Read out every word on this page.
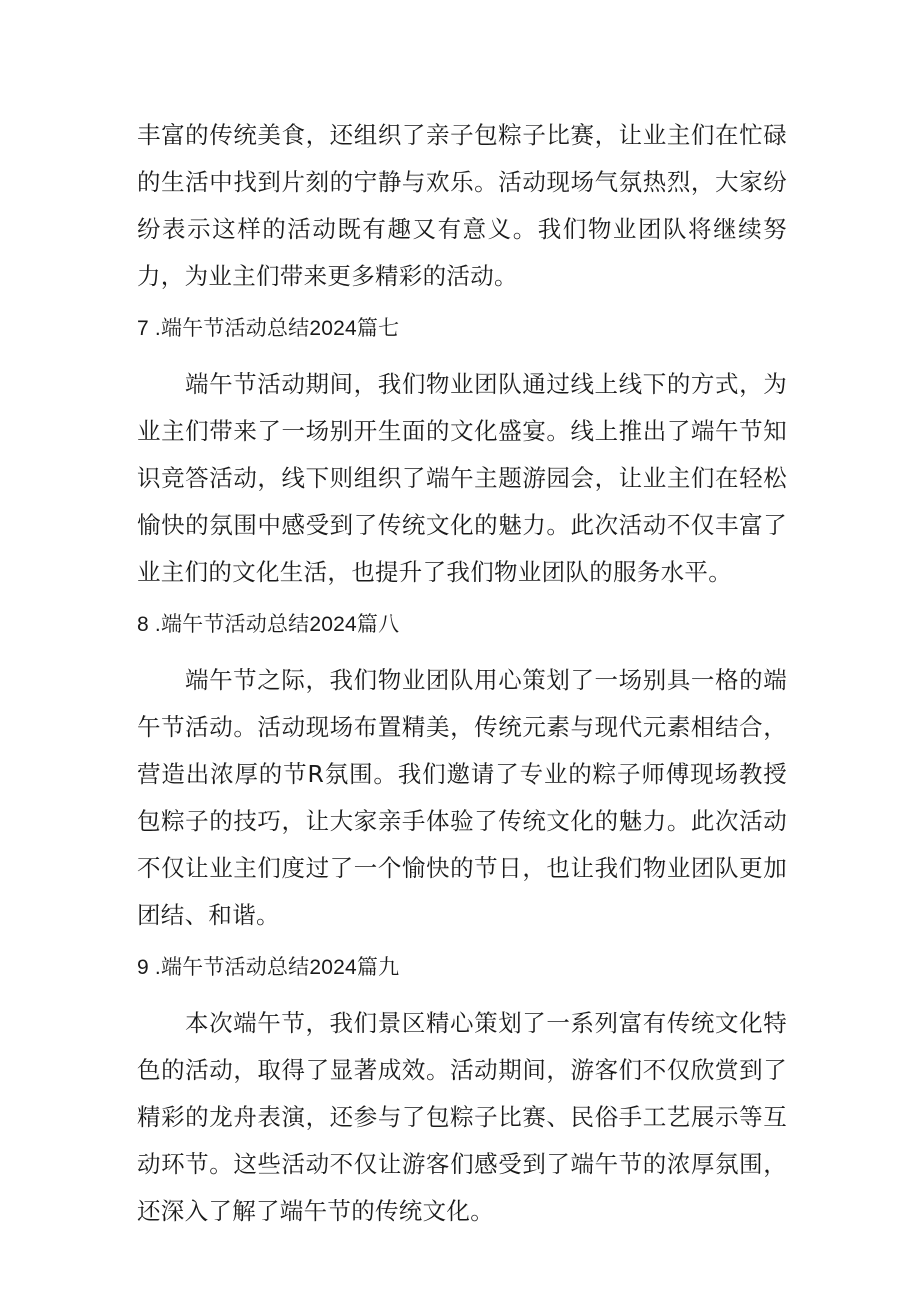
丰富的传统美食，还组织了亲子包粽子比赛，让业主们在忙碌的生活中找到片刻的宁静与欢乐。活动现场气氛热烈，大家纷纷表示这样的活动既有趣又有意义。我们物业团队将继续努力，为业主们带来更多精彩的活动。

7 .端午节活动总结2024篇七

端午节活动期间，我们物业团队通过线上线下的方式，为业主们带来了一场别开生面的文化盛宴。线上推出了端午节知识竞答活动，线下则组织了端午主题游园会，让业主们在轻松愉快的氛围中感受到了传统文化的魅力。此次活动不仅丰富了业主们的文化生活，也提升了我们物业团队的服务水平。

8 .端午节活动总结2024篇八

端午节之际，我们物业团队用心策划了一场别具一格的端午节活动。活动现场布置精美，传统元素与现代元素相结合，营造出浓厚的节R氛围。我们邀请了专业的粽子师傅现场教授包粽子的技巧，让大家亲手体验了传统文化的魅力。此次活动不仅让业主们度过了一个愉快的节日，也让我们物业团队更加团结、和谐。

9 .端午节活动总结2024篇九

本次端午节，我们景区精心策划了一系列富有传统文化特色的活动，取得了显著成效。活动期间，游客们不仅欣赏到了精彩的龙舟表演，还参与了包粽子比赛、民俗手工艺展示等互动环节。这些活动不仅让游客们感受到了端午节的浓厚氛围，还深入了解了端午节的传统文化。
